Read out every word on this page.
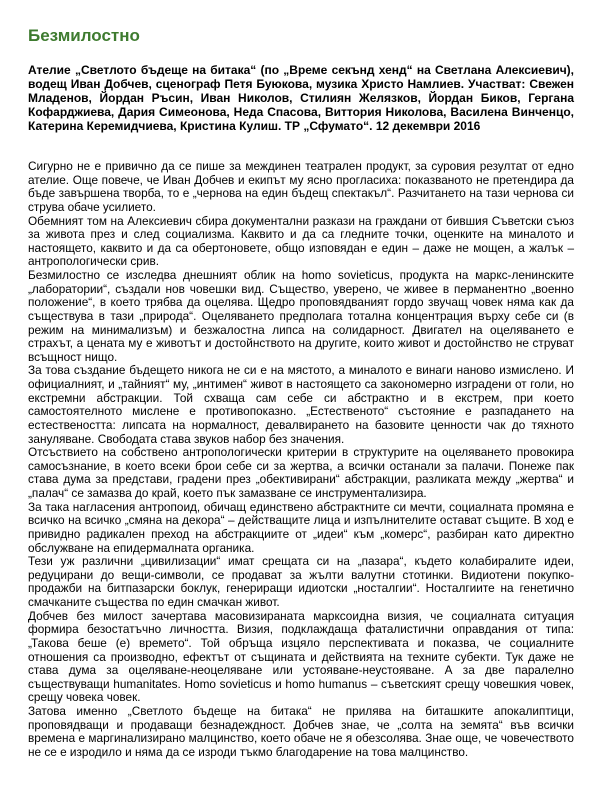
Безмилостно

Ателие „Светлото бъдеще на битака“ (по „Време секънд хенд“ на Светлана Алексиевич), водещ Иван Добчев, сценограф Петя Буюкова, музика Христо Намлиев. Участват: Свежен Младенов, Йордан Ръсин, Иван Николов, Стилиян Желязков, Йордан Биков, Гергана Кофарджиева, Дария Симеонова, Неда Спасова, Виттория Николова, Василена Винченцо, Катерина Керемидчиева, Кристина Кулиш. ТР „Сфумато“. 12 декември 2016

Сигурно не е привично да се пише за междинен театрален продукт, за суровия резултат от едно ателие. Още повече, че Иван Добчев и екипът му ясно прогласиха: показваното не претендира да бъде завършена творба, то е „чернова на един бъдещ спектакъл“. Разчитането на тази чернова си струва обаче усилието.

Обемният том на Алексиевич сбира документални разкази на граждани от бившия Съветски съюз за живота през и след социализма. Каквито и да са гледните точки, оценките на миналото и настоящето, каквито и да са обертоновете, общо изповядан е един – даже не мощен, а жалък – антропологически срив.

Безмилостно се изследва днешният облик на homo sovieticus, продукта на маркс-ленинските „лаборатории“, създали нов човешки вид. Същество, уверено, че живее в перманентно „военно положение“, в което трябва да оцелява. Щедро проповядваният гордо звучащ човек няма как да съществува в тази „природа“. Оцеляването предполага тотална концентрация върху себе си (в режим на минимализъм) и безжалостна липса на солидарност. Двигател на оцеляването е страхът, а цената му е животът и достойнството на другите, които живот и достойнство не струват всъщност нищо.

За това създание бъдещето никога не си е на мястото, а миналото е винаги наново измислено. И официалният, и „тайният“ му, „интимен“ живот в настоящето са закономерно изградени от голи, но екстремни абстракции. Той схваща сам себе си абстрактно и в екстрем, при което самостоятелното мислене е противопоказно. „Естественото“ състояние е разпадането на естествеността: липсата на нормалност, девалвирането на базовите ценности чак до тяхното зануляване. Свободата става звуков набор без значения.

Отсъствието на собствено антропологически критерии в структурите на оцеляването провокира самосъзнание, в което всеки брои себе си за жертва, а всички останали за палачи. Понеже пак става дума за представи, градени през „обективирани“ абстракции, разликата между „жертва“ и „палач“ се замазва до край, което пък замазване се инструментализира.

За така нагласения антропоид, обичащ единствено абстрактните си мечти, социалната промяна е всичко на всичко „смяна на декора“ – действащите лица и изпълнителите остават същите. В ход е привидно радикален преход на абстракциите от „идеи“ към „комерс“, разбиран като директно обслужване на епидермалната органика.

Тези уж различни „цивилизации“ имат срещата си на „пазара“, където колабиралите идеи, редуцирани до вещи-символи, се продават за жълти валутни стотинки. Видиотени покупко-продажби на битпазарски боклук, генериращи идиотски „носталгии“. Носталгиите на генетично смачканите същества по един смачкан живот.

Добчев без милост зачертава масовизираната марксоидна визия, че социалната ситуация формира безостатъчно личността. Визия, подклаждаща фаталистични оправдания от типа: „Такова беше (е) времето“. Той обръща изцяло перспективата и показва, че социалните отношения са производно, ефектът от същината и действията на техните субекти. Тук даже не става дума за оцеляване-неоцеляване или устояване-неустояване. А за две паралелно съществуващи humanitates. Homo sovieticus и homo humanus – съветският срещу човешкия човек, срещу човека човек.

Затова именно „Светлото бъдеще на битака“ не прилява на биташките апокалиптици, проповядващи и продаващи безнадеждност. Добчев знае, че „солта на земята“ във всички времена е маргинализирано малцинство, което обаче не я обезсолява. Знае още, че човечеството не се е изродило и няма да се изроди тъкмо благодарение на това малцинство.
